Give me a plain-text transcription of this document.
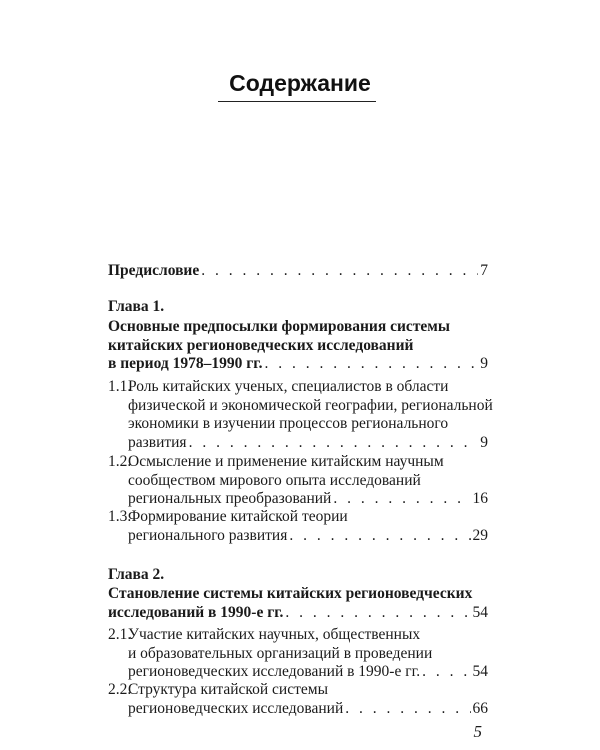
Содержание
Предисловие . . .	7
Глава 1.
Основные предпосылки формирования системы
китайских регионоведческих исследований
в период 1978–1990 гг. . . .	9
1.1.
Роль китайских ученых, специалистов в области
физической и экономической географии, региональной
экономики в изучении процессов регионального
развития . . .	9
1.2.
Осмысление и применение китайским научным
сообществом мирового опыта исследований
региональных преобразований . . .	16
1.3.
Формирование китайской теории
регионального развития . . .	29
Глава 2.
Становление системы китайских регионоведческих
исследований в 1990-е гг. . . .	54
2.1.
Участие китайских научных, общественных
и образовательных организаций в проведении
регионоведческих исследований в 1990-е гг. . . .	54
2.2.
Структура китайской системы
регионоведческих исследований . . .	66
5
